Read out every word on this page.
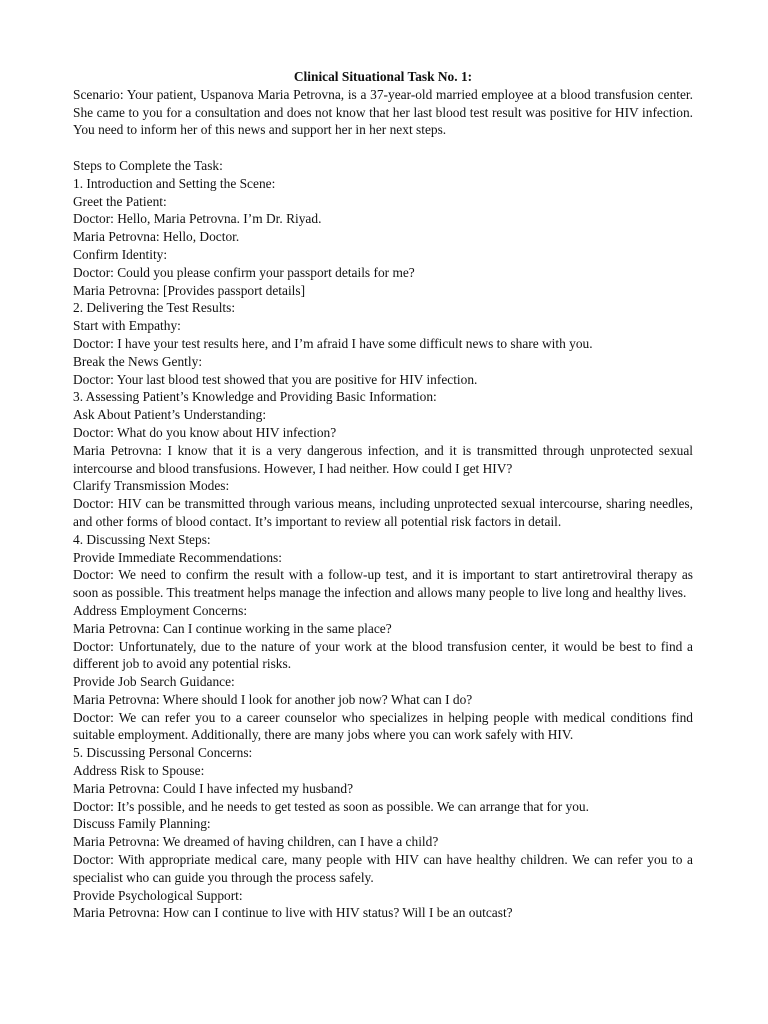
Clinical Situational Task No. 1:

Scenario: Your patient, Uspanova Maria Petrovna, is a 37-year-old married employee at a blood transfusion center. She came to you for a consultation and does not know that her last blood test result was positive for HIV infection. You need to inform her of this news and support her in her next steps.

Steps to Complete the Task:

1. Introduction and Setting the Scene:

Greet the Patient:

Doctor: Hello, Maria Petrovna. I’m Dr. Riyad.

Maria Petrovna: Hello, Doctor.

Confirm Identity:

Doctor: Could you please confirm your passport details for me?

Maria Petrovna: [Provides passport details]

2. Delivering the Test Results:

Start with Empathy:

Doctor: I have your test results here, and I’m afraid I have some difficult news to share with you.

Break the News Gently:

Doctor: Your last blood test showed that you are positive for HIV infection.

3. Assessing Patient’s Knowledge and Providing Basic Information:

Ask About Patient’s Understanding:

Doctor: What do you know about HIV infection?

Maria Petrovna: I know that it is a very dangerous infection, and it is transmitted through unprotected sexual intercourse and blood transfusions. However, I had neither. How could I get HIV?

Clarify Transmission Modes:

Doctor: HIV can be transmitted through various means, including unprotected sexual intercourse, sharing needles, and other forms of blood contact. It’s important to review all potential risk factors in detail.

4. Discussing Next Steps:

Provide Immediate Recommendations:

Doctor: We need to confirm the result with a follow-up test, and it is important to start antiretroviral therapy as soon as possible. This treatment helps manage the infection and allows many people to live long and healthy lives.

Address Employment Concerns:

Maria Petrovna: Can I continue working in the same place?

Doctor: Unfortunately, due to the nature of your work at the blood transfusion center, it would be best to find a different job to avoid any potential risks.

Provide Job Search Guidance:

Maria Petrovna: Where should I look for another job now? What can I do?

Doctor: We can refer you to a career counselor who specializes in helping people with medical conditions find suitable employment. Additionally, there are many jobs where you can work safely with HIV.

5. Discussing Personal Concerns:

Address Risk to Spouse:

Maria Petrovna: Could I have infected my husband?

Doctor: It’s possible, and he needs to get tested as soon as possible. We can arrange that for you.

Discuss Family Planning:

Maria Petrovna: We dreamed of having children, can I have a child?

Doctor: With appropriate medical care, many people with HIV can have healthy children. We can refer you to a specialist who can guide you through the process safely.

Provide Psychological Support:

Maria Petrovna: How can I continue to live with HIV status? Will I be an outcast?
